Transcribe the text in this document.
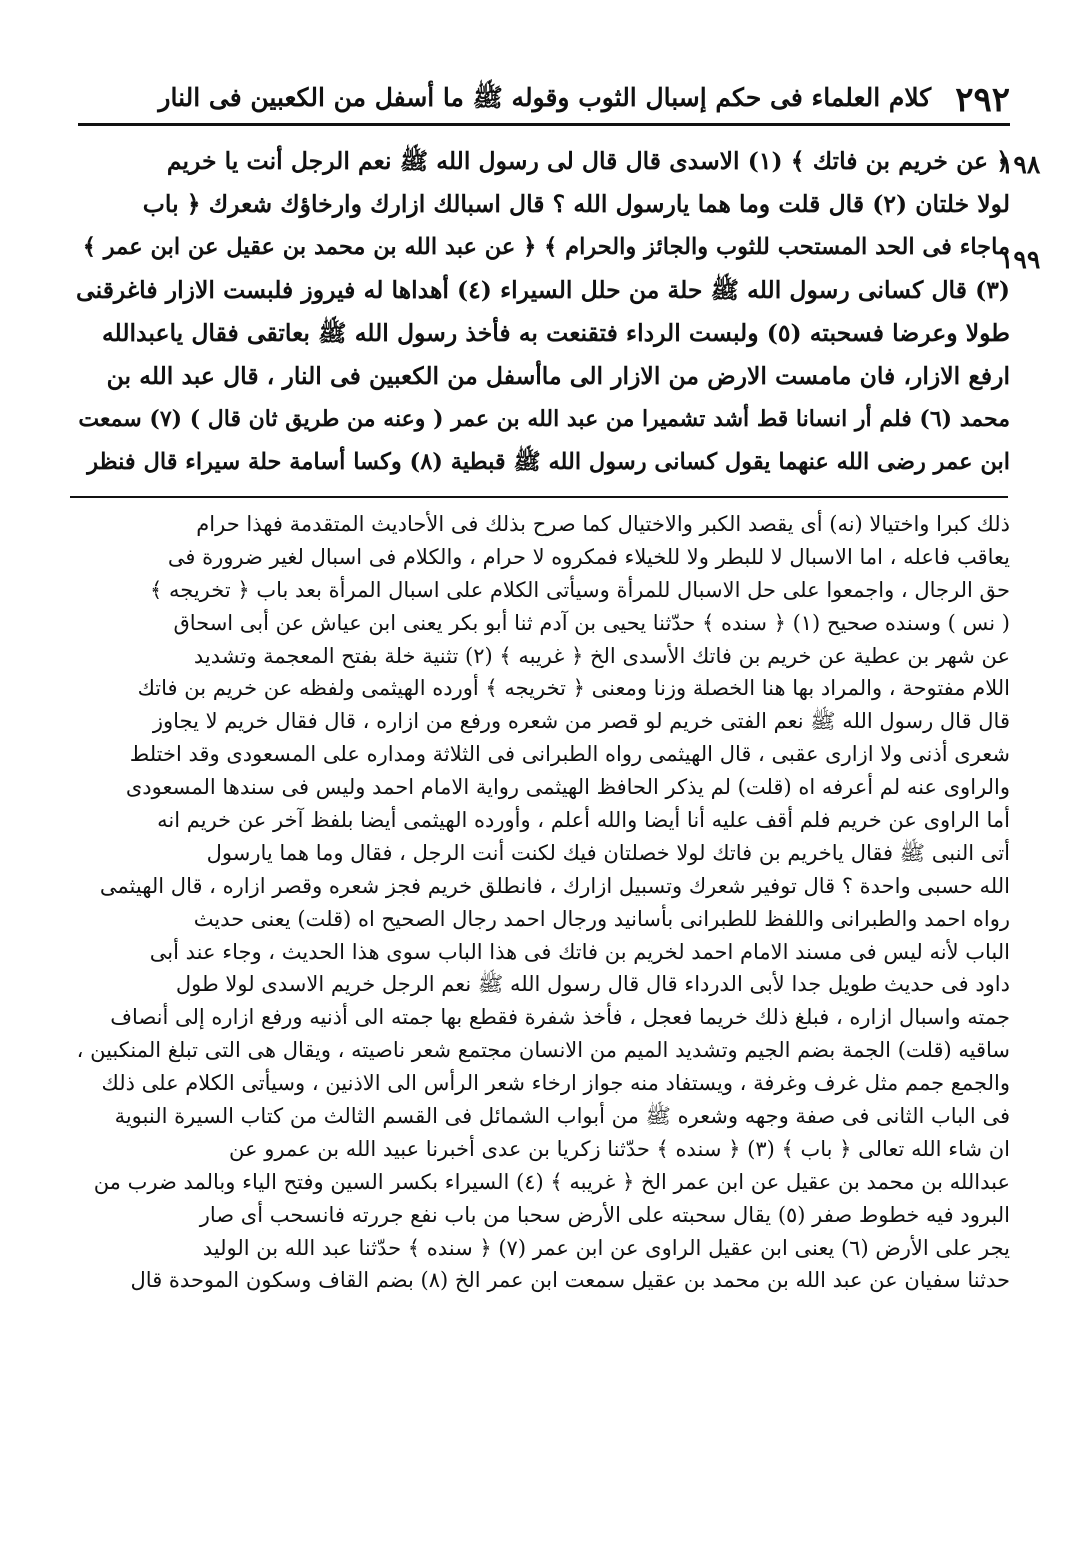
٢٩٢
كلام العلماء فى حكم إسبال الثوب وقوله ﷺ ما أسفل من الكعبين فى النار
١٩٨
١٩٩
﴿ عن خريم بن فاتك ﴾ (١) الاسدى قال قال لى رسول الله ﷺ نعم الرجل أنت يا خريم
لولا خلتان (٢) قال قلت وما هما يارسول الله ؟ قال اسبالك ازارك وارخاؤك شعرك ﴿ باب
ماجاء فى الحد المستحب للثوب والجائز والحرام ﴾ ﴿ عن عبد الله بن محمد بن عقيل عن ابن عمر ﴾
(٣) قال كسانى رسول الله ﷺ حلة من حلل السيراء (٤) أهداها له فيروز فلبست الازار فاغرقنى
طولا وعرضا فسحبته (٥) ولبست الرداء فتقنعت به فأخذ رسول الله ﷺ بعاتقى فقال ياعبدالله
ارفع الازار، فان مامست الارض من الازار الى ماأسفل من الكعبين فى النار ، قال عبد الله بن
محمد (٦) فلم أر انسانا قط أشد تشميرا من عبد الله بن عمر ( وعنه من طريق ثان قال ) (٧) سمعت
ابن عمر رضى الله عنهما يقول كسانى رسول الله ﷺ قبطية (٨) وكسا أسامة حلة سيراء قال فنظر
ذلك كبرا واختيالا (نه) أى يقصد الكبر والاختيال كما صرح بذلك فى الأحاديث المتقدمة فهذا حرام
يعاقب فاعله ، اما الاسبال لا للبطر ولا للخيلاء فمكروه لا حرام ، والكلام فى اسبال لغير ضرورة فى
حق الرجال ، واجمعوا على حل الاسبال للمرأة وسيأتى الكلام على اسبال المرأة بعد باب ﴿ تخريجه ﴾
( نس ) وسنده صحيح (١) ﴿ سنده ﴾ حدّثنا يحيى بن آدم ثنا أبو بكر يعنى ابن عياش عن أبى اسحاق
عن شهر بن عطية عن خريم بن فاتك الأسدى الخ ﴿ غريبه ﴾ (٢) تثنية خلة بفتح المعجمة وتشديد
اللام مفتوحة ، والمراد بها هنا الخصلة وزنا ومعنى ﴿ تخريجه ﴾ أورده الهيثمى ولفظه عن خريم بن فاتك
قال قال رسول الله ﷺ نعم الفتى خريم لو قصر من شعره ورفع من ازاره ، قال فقال خريم لا يجاوز
شعرى أذنى ولا ازارى عقبى ، قال الهيثمى رواه الطبرانى فى الثلاثة ومداره على المسعودى وقد اختلط
والراوى عنه لم أعرفه اه (قلت) لم يذكر الحافظ الهيثمى رواية الامام احمد وليس فى سندها المسعودى
أما الراوى عن خريم فلم أقف عليه أنا أيضا والله أعلم ، وأورده الهيثمى أيضا بلفظ آخر عن خريم انه
أتى النبى ﷺ فقال ياخريم بن فاتك لولا خصلتان فيك لكنت أنت الرجل ، فقال وما هما يارسول
الله حسبى واحدة ؟ قال توفير شعرك وتسبيل ازارك ، فانطلق خريم فجز شعره وقصر ازاره ، قال الهيثمى
رواه احمد والطبرانى واللفظ للطبرانى بأسانيد ورجال احمد رجال الصحيح اه (قلت) يعنى حديث
الباب لأنه ليس فى مسند الامام احمد لخريم بن فاتك فى هذا الباب سوى هذا الحديث ، وجاء عند أبى
داود فى حديث طويل جدا لأبى الدرداء قال قال رسول الله ﷺ نعم الرجل خريم الاسدى لولا طول
جمته واسبال ازاره ، فبلغ ذلك خريما فعجل ، فأخذ شفرة فقطع بها جمته الى أذنيه ورفع ازاره إلى أنصاف
ساقيه (قلت) الجمة بضم الجيم وتشديد الميم من الانسان مجتمع شعر ناصيته ، ويقال هى التى تبلغ المنكبين ،
والجمع جمم مثل غرف وغرفة ، ويستفاد منه جواز ارخاء شعر الرأس الى الاذنين ، وسيأتى الكلام على ذلك
فى الباب الثانى فى صفة وجهه وشعره ﷺ من أبواب الشمائل فى القسم الثالث من كتاب السيرة النبوية
ان شاء الله تعالى ﴿ باب ﴾ (٣) ﴿ سنده ﴾ حدّثنا زكريا بن عدى أخبرنا عبيد الله بن عمرو عن
عبدالله بن محمد بن عقيل عن ابن عمر الخ ﴿ غريبه ﴾ (٤) السيراء بكسر السين وفتح الياء وبالمد ضرب من
البرود فيه خطوط صفر (٥) يقال سحبته على الأرض سحبا من باب نفع جررته فانسحب أى صار
يجر على الأرض (٦) يعنى ابن عقيل الراوى عن ابن عمر (٧) ﴿ سنده ﴾ حدّثنا عبد الله بن الوليد
حدثنا سفيان عن عبد الله بن محمد بن عقيل سمعت ابن عمر الخ (٨) بضم القاف وسكون الموحدة قال
